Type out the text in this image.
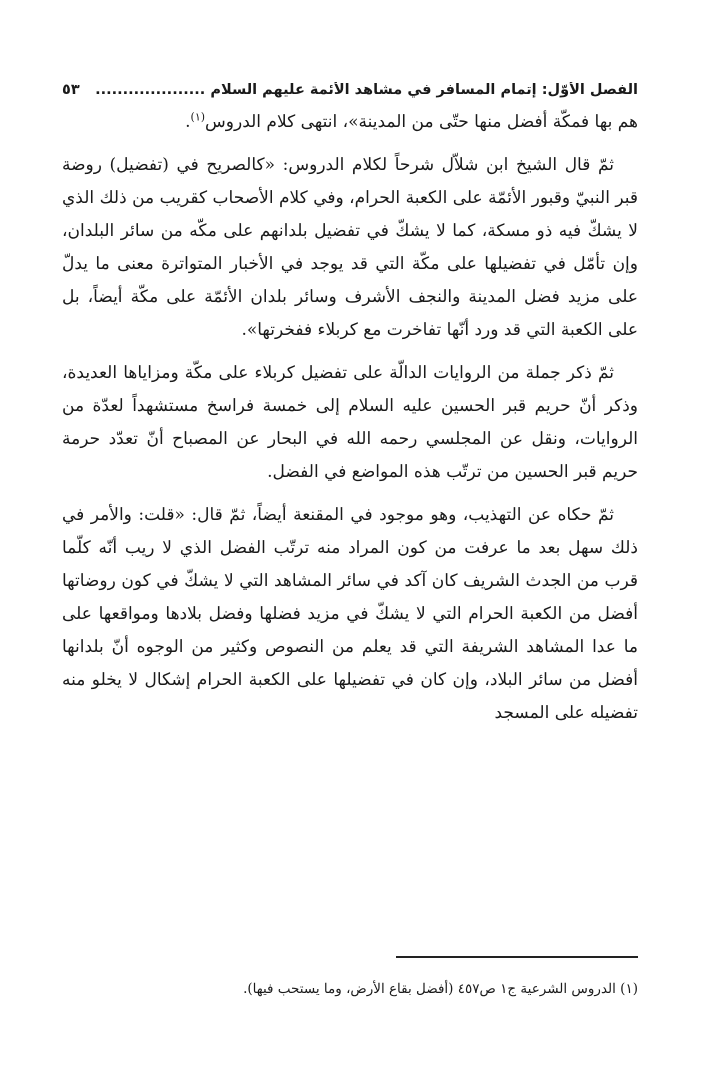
الفصل الأوّل: إتمام المسافر في مشاهد الأئمة عليهم السلام ....................
٥٣

هم بها فمكّة أفضل منها حتّى من المدينة»، انتهى كلام الدروس$^{(١)}$.

ثمّ قال الشيخ ابن شلاّل شرحاً لكلام الدروس: «كالصريح في (تفضيل) روضة قبر النبيّ وقبور الأئمّة على الكعبة الحرام، وفي كلام الأصحاب كقريب من ذلك الذي لا يشكّ فيه ذو مسكة، كما لا يشكّ في تفضيل بلدانهم على مكّه من سائر البلدان، وإن تأمّل في تفضيلها على مكّة التي قد يوجد في الأخبار المتواترة معنى ما يدلّ على مزيد فضل المدينة والنجف الأشرف وسائر بلدان الأئمّة على مكّة أيضاً، بل على الكعبة التي قد ورد أنّها تفاخرت مع كربلاء ففخرتها».

ثمّ ذكر جملة من الروايات الدالّة على تفضيل كربلاء على مكّة ومزاياها العديدة، وذكر أنّ حريم قبر الحسين عليه السلام إلى خمسة فراسخ مستشهداً لعدّة من الروايات، ونقل عن المجلسي رحمه الله في البحار عن المصباح أنّ تعدّد حرمة حريم قبر الحسين من ترتّب هذه المواضع في الفضل.

ثمّ حكاه عن التهذيب، وهو موجود في المقنعة أيضاً، ثمّ قال: «قلت: والأمر في ذلك سهل بعد ما عرفت من كون المراد منه ترتّب الفضل الذي لا ريب أنّه كلّما قرب من الجدث الشريف كان آكد في سائر المشاهد التي لا يشكّ في كون روضاتها أفضل من الكعبة الحرام التي لا يشكّ في مزيد فضلها وفضل بلادها ومواقعها على ما عدا المشاهد الشريفة التي قد يعلم من النصوص وكثير من الوجوه أنّ بلدانها أفضل من سائر البلاد، وإن كان في تفضيلها على الكعبة الحرام إشكال لا يخلو منه تفضيله على المسجد

(١) الدروس الشرعية ج١ ص٤٥٧ (أفضل بقاع الأرض، وما يستحب فيها).
